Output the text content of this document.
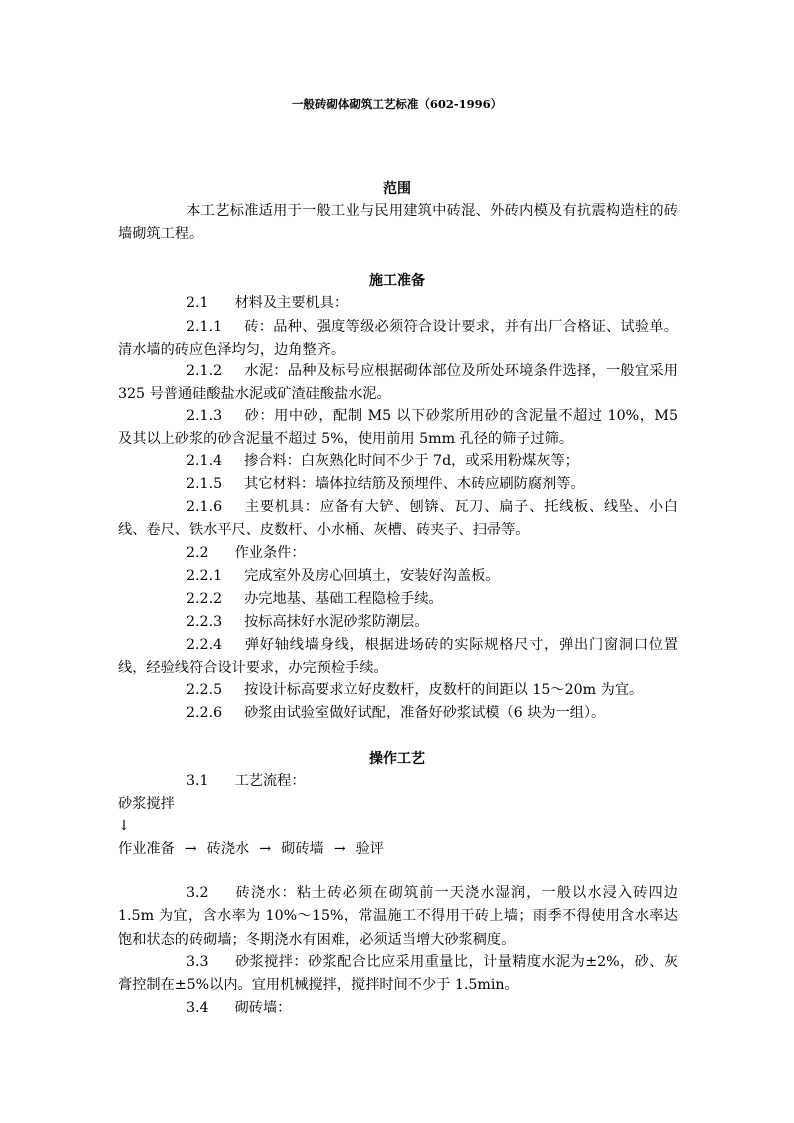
一般砖砌体砌筑工艺标准（602-1996）
范围
本工艺标准适用于一般工业与民用建筑中砖混、外砖内模及有抗震构造柱的砖墙砌筑工程。
施工准备
2.1 材料及主要机具：
2.1.1 砖：品种、强度等级必须符合设计要求，并有出厂合格证、试验单。清水墙的砖应色泽均匀，边角整齐。
2.1.2 水泥：品种及标号应根据砌体部位及所处环境条件选择，一般宜采用 325 号普通硅酸盐水泥或矿渣硅酸盐水泥。
2.1.3 砂：用中砂，配制 M5 以下砂浆所用砂的含泥量不超过 10%，M5 及其以上砂浆的砂含泥量不超过 5%，使用前用 5mm 孔径的筛子过筛。
2.1.4 掺合料：白灰熟化时间不少于 7d，或采用粉煤灰等；
2.1.5 其它材料：墙体拉结筋及预埋件、木砖应刷防腐剂等。
2.1.6 主要机具：应备有大铲、刨锛、瓦刀、扁子、托线板、线坠、小白线、卷尺、铁水平尺、皮数杆、小水桶、灰槽、砖夹子、扫帚等。
2.2 作业条件：
2.2.1 完成室外及房心回填土，安装好沟盖板。
2.2.2 办完地基、基础工程隐检手续。
2.2.3 按标高抹好水泥砂浆防潮层。
2.2.4 弹好轴线墙身线，根据进场砖的实际规格尺寸，弹出门窗洞口位置线，经验线符合设计要求，办完预检手续。
2.2.5 按设计标高要求立好皮数杆，皮数杆的间距以 15～20m 为宜。
2.2.6 砂浆由试验室做好试配，准备好砂浆试模（6 块为一组）。
操作工艺
3.1 工艺流程：
砂浆搅拌
↓
作业准备 → 砖浇水 → 砌砖墙 → 验评
3.2 砖浇水：粘土砖必须在砌筑前一天浇水湿润，一般以水浸入砖四边 1.5m 为宜，含水率为 10%～15%，常温施工不得用干砖上墙；雨季不得使用含水率达饱和状态的砖砌墙；冬期浇水有困难，必须适当增大砂浆稠度。
3.3 砂浆搅拌：砂浆配合比应采用重量比，计量精度水泥为±2%，砂、灰膏控制在±5%以内。宜用机械搅拌，搅拌时间不少于 1.5min。
3.4 砌砖墙：
